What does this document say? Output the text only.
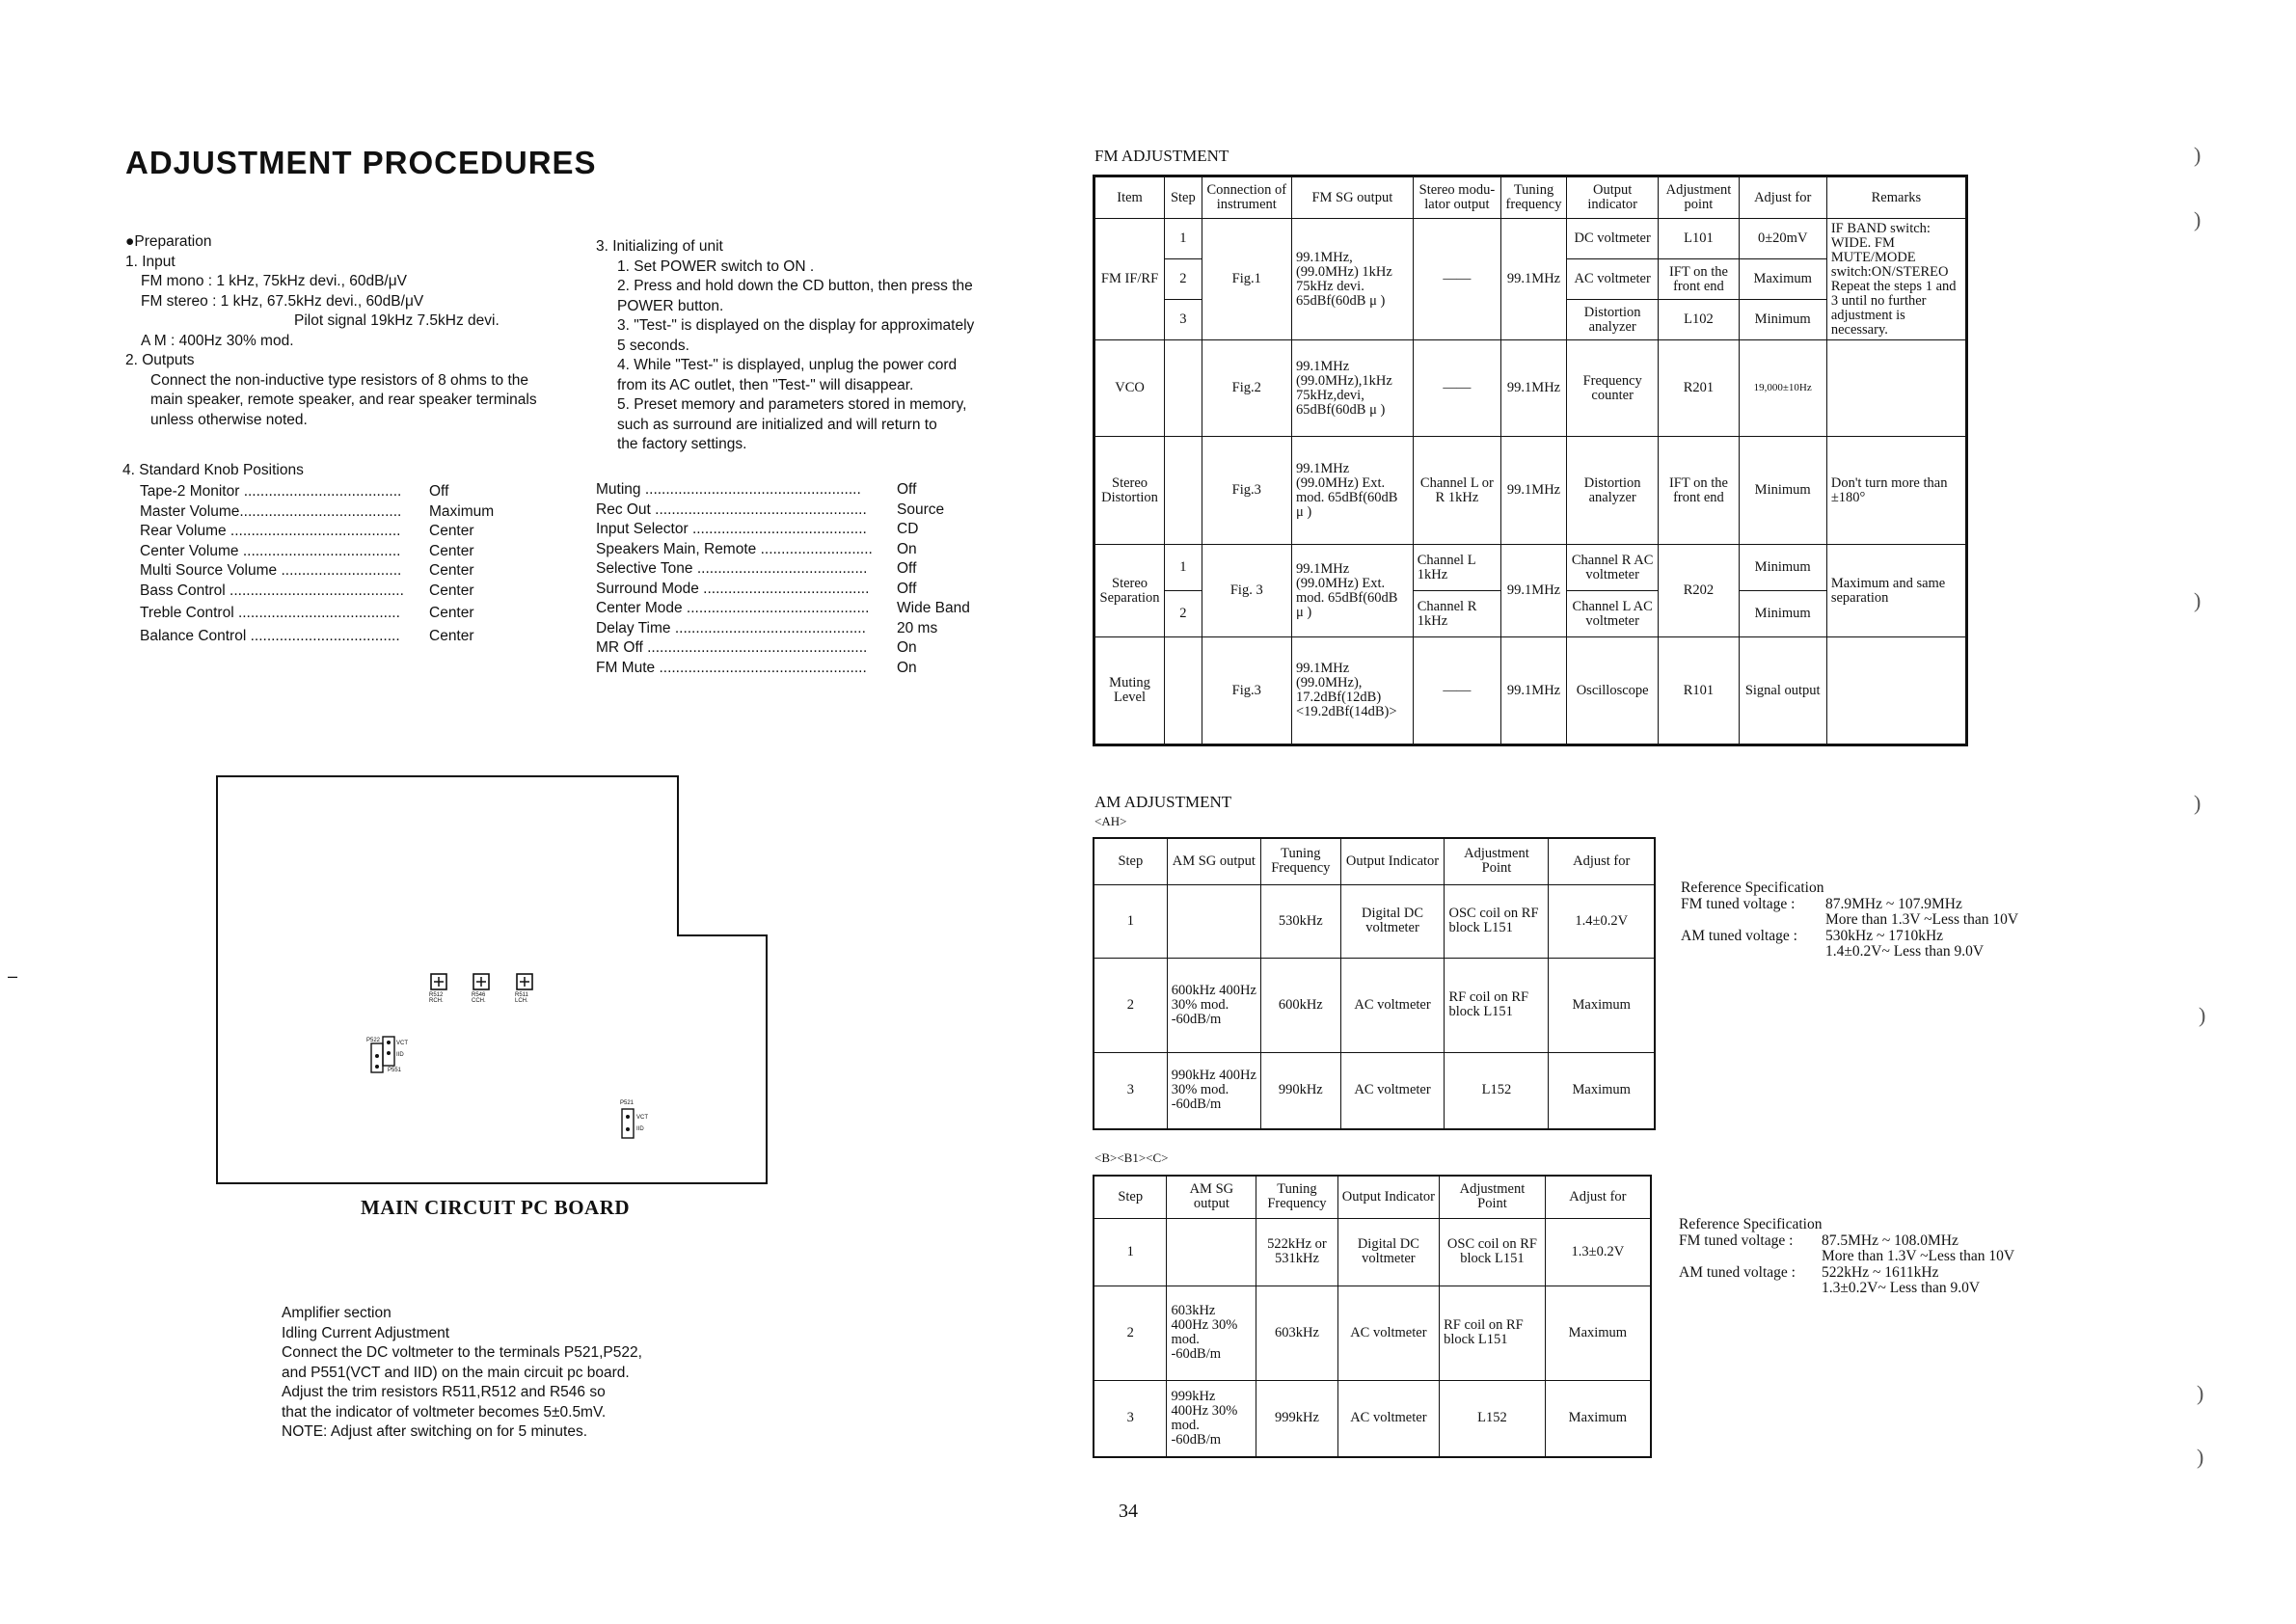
ADJUSTMENT PROCEDURES
●Preparation
1. Input
FM mono : 1 kHz, 75kHz devi., 60dB/μV
FM stereo : 1 kHz, 67.5kHz devi., 60dB/μV
Pilot signal 19kHz 7.5kHz devi.
A M : 400Hz 30% mod.
2. Outputs
Connect the non-inductive type resistors of 8 ohms to the
main speaker, remote speaker, and rear speaker terminals
unless otherwise noted.
3. Initializing of unit
1. Set POWER switch to ON .
2. Press and hold down the CD button, then press the
POWER button.
3. "Test-" is displayed on the display for approximately
5 seconds.
4. While "Test-" is displayed, unplug the power cord
from its AC outlet, then "Test-" will disappear.
5. Preset memory and parameters stored in memory,
such as surround are initialized and will return to
the factory settings.
4. Standard Knob Positions
Tape-2 Monitor ...................................... Off
Master Volume....................................... Maximum
Rear Volume ......................................... Center
Center Volume ...................................... Center
Multi Source Volume ............................. Center
Bass Control .......................................... Center
Treble Control ....................................... Center
Balance Control .................................... Center
Muting .................................................... Off
Rec Out ................................................... Source
Input Selector .......................................... CD
Speakers Main, Remote ........................... On
Selective Tone ......................................... Off
Surround Mode ........................................ Off
Center Mode ............................................ Wide Band
Delay Time .............................................. 20 ms
MR Off ..................................................... On
FM Mute .................................................. On
R512
RCH.
R546
CCH.
R511
LCH.
P522	VCT
IID
P551
P521
VCT
IID
MAIN CIRCUIT PC BOARD
Amplifier section
Idling Current Adjustment
Connect the DC voltmeter to the terminals P521,P522,
and P551(VCT and IID) on the main circuit pc board.
Adjust the trim resistors R511,R512 and R546 so
that the indicator of voltmeter becomes 5±0.5mV.
NOTE: Adjust after switching on for 5 minutes.
–
FM ADJUSTMENT
Item	Step	Connection of instrument	FM SG output	Stereo modu-lator output	Tuning frequency	Output indicator	Adjustment point	Adjust for	Remarks
FM IF/RF	1	Fig.1	99.1MHz, (99.0MHz) 1kHz 75kHz devi. 65dBf(60dB μ )	——	99.1MHz	DC voltmeter	L101	0±20mV	IF BAND switch: WIDE. FM MUTE/MODE switch:ON/STEREO Repeat the steps 1 and 3 until no further adjustment is necessary.
	2					AC voltmeter	IFT on the front end	Maximum	
	3					Distortion analyzer	L102	Minimum	
VCO		Fig.2	99.1MHz (99.0MHz),1kHz 75kHz,devi, 65dBf(60dB μ )	——	99.1MHz	Frequency counter	R201	19,000±10Hz	
Stereo Distortion		Fig.3	99.1MHz (99.0MHz) Ext. mod. 65dBf(60dB μ )	Channel L or R 1kHz	99.1MHz	Distortion analyzer	IFT on the front end	Minimum	Don't turn more than ±180°
Stereo Separation	1	Fig. 3	99.1MHz (99.0MHz) Ext. mod. 65dBf(60dB μ )	Channel L 1kHz	99.1MHz	Channel R AC voltmeter	R202	Minimum	Maximum and same separation
	2			Channel R 1kHz		Channel L AC voltmeter		Minimum	
Muting Level		Fig.3	99.1MHz (99.0MHz), 17.2dBf(12dB) <19.2dBf(14dB)>	——	99.1MHz	Oscilloscope	R101	Signal output	
AM ADJUSTMENT
<AH>
Step	AM SG output	Tuning Frequency	Output Indicator	Adjustment Point	Adjust for
1		530kHz	Digital DC voltmeter	OSC coil on RF block L151	1.4±0.2V
2	600kHz 400Hz 30% mod. -60dB/m	600kHz	AC voltmeter	RF coil on RF block L151	Maximum
3	990kHz 400Hz 30% mod. -60dB/m	990kHz	AC voltmeter	L152	Maximum
Reference Specification
FM tuned voltage : 87.9MHz ~ 107.9MHz
More than 1.3V ~Less than 10V
AM tuned voltage : 530kHz ~ 1710kHz
1.4±0.2V~ Less than 9.0V
<B><B1><C>
Step	AM SG output	Tuning Frequency	Output Indicator	Adjustment Point	Adjust for
1		522kHz or 531kHz	Digital DC voltmeter	OSC coil on RF block L151	1.3±0.2V
2	603kHz 400Hz 30% mod. -60dB/m	603kHz	AC voltmeter	RF coil on RF block L151	Maximum
3	999kHz 400Hz 30% mod. -60dB/m	999kHz	AC voltmeter	L152	Maximum
Reference Specification
FM tuned voltage : 87.5MHz ~ 108.0MHz
More than 1.3V ~Less than 10V
AM tuned voltage : 522kHz ~ 1611kHz
1.3±0.2V~ Less than 9.0V
34
)
)
)
)
)
)
)
